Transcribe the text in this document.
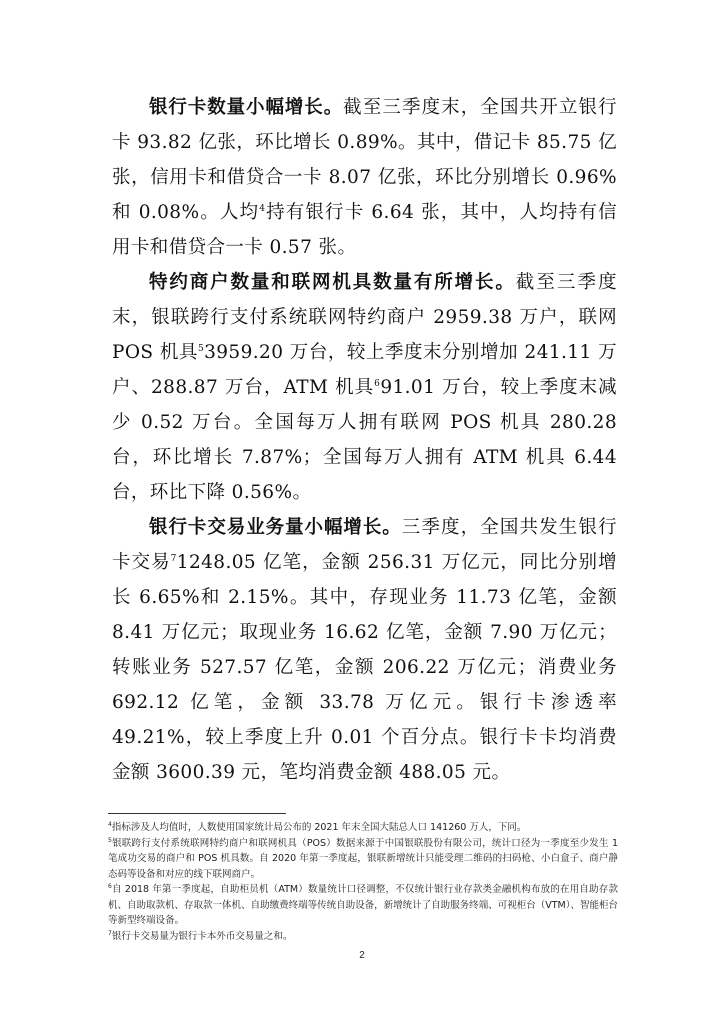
银行卡数量小幅增长。截至三季度末，全国共开立银行卡 93.82 亿张，环比增长 0.89%。其中，借记卡 85.75 亿张，信用卡和借贷合一卡 8.07 亿张，环比分别增长 0.96%和 0.08%。人均$^4$持有银行卡 6.64 张，其中，人均持有信用卡和借贷合一卡 0.57 张。

特约商户数量和联网机具数量有所增长。截至三季度末，银联跨行支付系统联网特约商户 2959.38 万户，联网 POS 机具$^5$3959.20 万台，较上季度末分别增加 241.11 万户、288.87 万台，ATM 机具$^6$91.01 万台，较上季度末减少 0.52 万台。全国每万人拥有联网 POS 机具 280.28 台，环比增长 7.87%；全国每万人拥有 ATM 机具 6.44 台，环比下降 0.56%。

银行卡交易业务量小幅增长。三季度，全国共发生银行卡交易$^7$1248.05 亿笔，金额 256.31 万亿元，同比分别增长 6.65%和 2.15%。其中，存现业务 11.73 亿笔，金额 8.41 万亿元；取现业务 16.62 亿笔，金额 7.90 万亿元；转账业务 527.57 亿笔，金额 206.22 万亿元；消费业务 692.12 亿笔，金额 33.78 万亿元。银行卡渗透率 49.21%，较上季度上升 0.01 个百分点。银行卡卡均消费金额 3600.39 元，笔均消费金额 488.05 元。

$^4$指标涉及人均值时，人数使用国家统计局公布的 2021 年末全国大陆总人口 141260 万人，下同。

$^5$银联跨行支付系统联网特约商户和联网机具（POS）数据来源于中国银联股份有限公司，统计口径为一季度至少发生 1 笔成功交易的商户和 POS 机具数。自 2020 年第一季度起，银联新增统计只能受理二维码的扫码枪、小白盒子、商户静态码等设备和对应的线下联网商户。

$^6$自 2018 年第一季度起，自助柜员机（ATM）数量统计口径调整，不仅统计银行业存款类金融机构布放的在用自助存款机、自助取款机、存取款一体机、自助缴费终端等传统自助设备，新增统计了自助服务终端、可视柜台（VTM）、智能柜台等新型终端设备。

$^7$银行卡交易量为银行卡本外币交易量之和。

2
